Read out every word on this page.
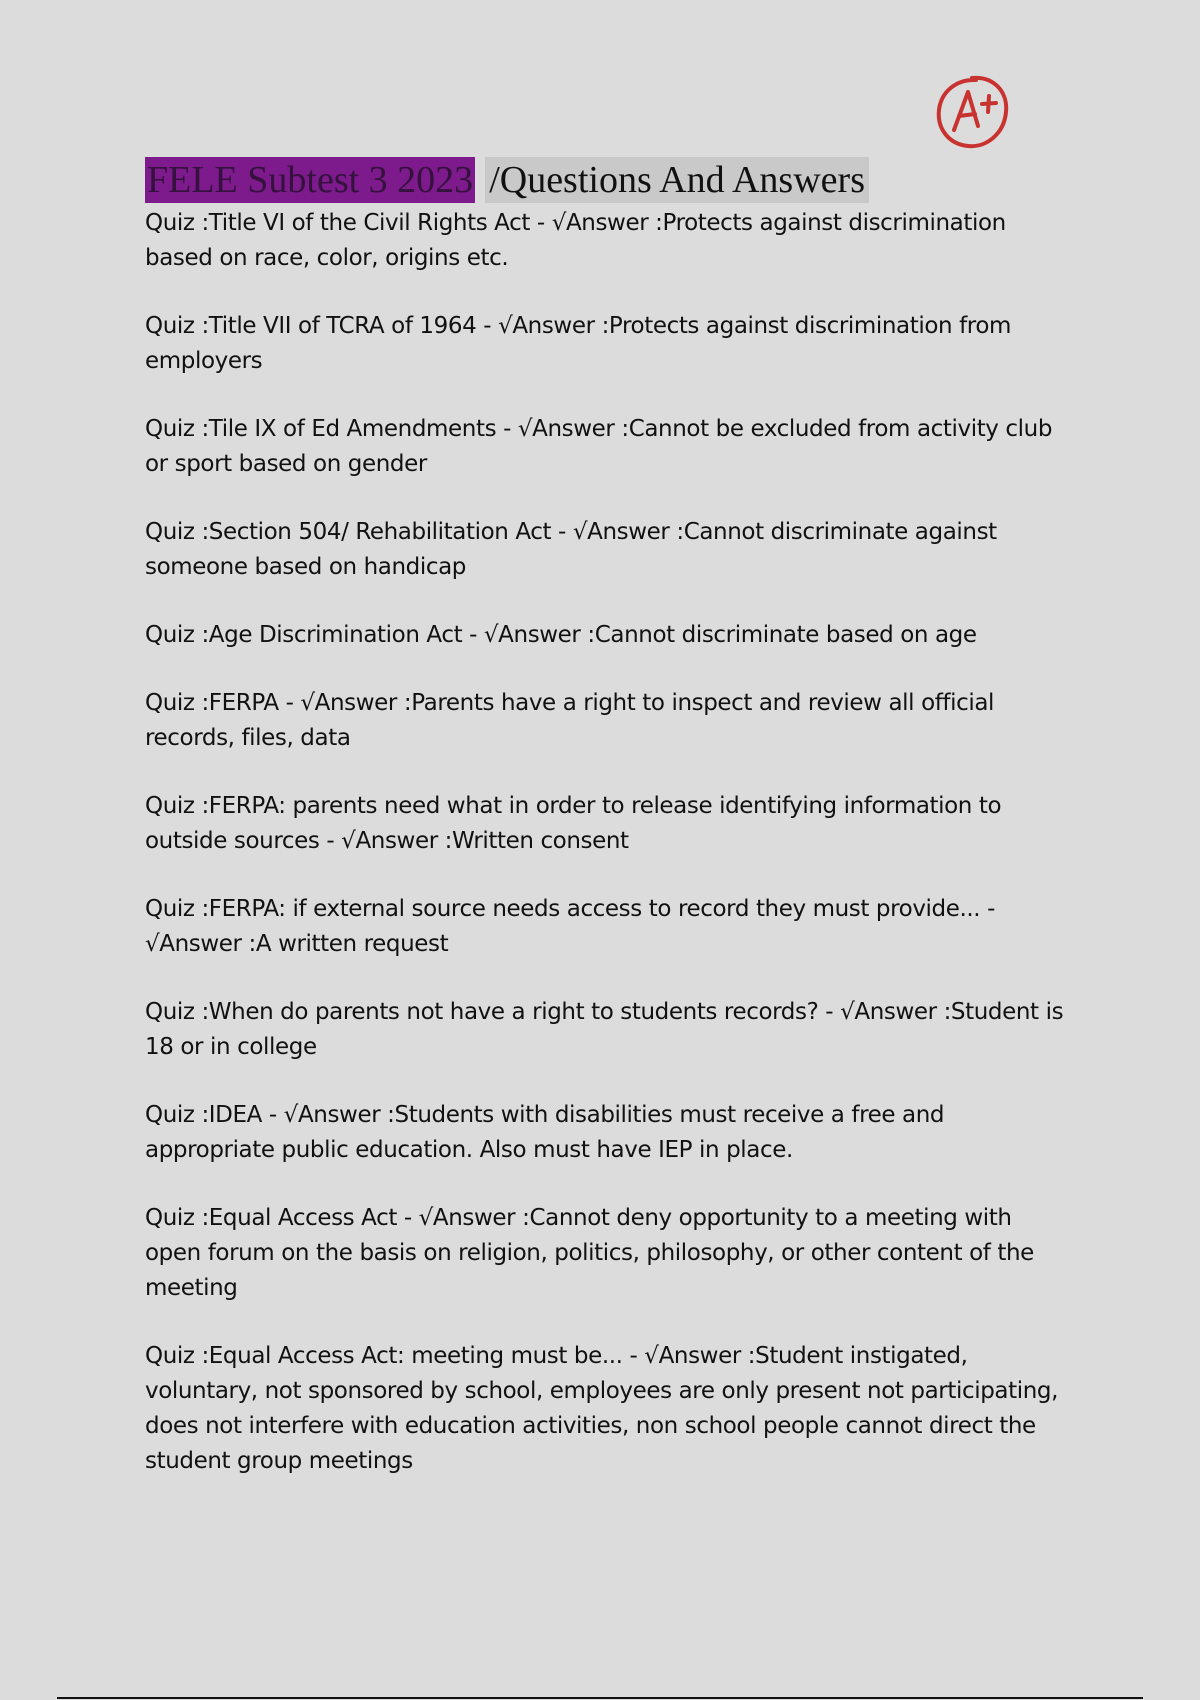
FELE Subtest 3 2023 /Questions And Answers
Quiz :Title VI of the Civil Rights Act - √Answer :Protects against discrimination based on race, color, origins etc.
Quiz :Title VII of TCRA of 1964 - √Answer :Protects against discrimination from employers
Quiz :Tile IX of Ed Amendments - √Answer :Cannot be excluded from activity club or sport based on gender
Quiz :Section 504/ Rehabilitation Act - √Answer :Cannot discriminate against someone based on handicap
Quiz :Age Discrimination Act - √Answer :Cannot discriminate based on age
Quiz :FERPA - √Answer :Parents have a right to inspect and review all official records, files, data
Quiz :FERPA: parents need what in order to release identifying information to outside sources - √Answer :Written consent
Quiz :FERPA: if external source needs access to record they must provide... - √Answer :A written request
Quiz :When do parents not have a right to students records? - √Answer :Student is 18 or in college
Quiz :IDEA - √Answer :Students with disabilities must receive a free and appropriate public education. Also must have IEP in place.
Quiz :Equal Access Act - √Answer :Cannot deny opportunity to a meeting with open forum on the basis on religion, politics, philosophy, or other content of the meeting
Quiz :Equal Access Act: meeting must be... - √Answer :Student instigated, voluntary, not sponsored by school, employees are only present not participating, does not interfere with education activities, non school people cannot direct the student group meetings
